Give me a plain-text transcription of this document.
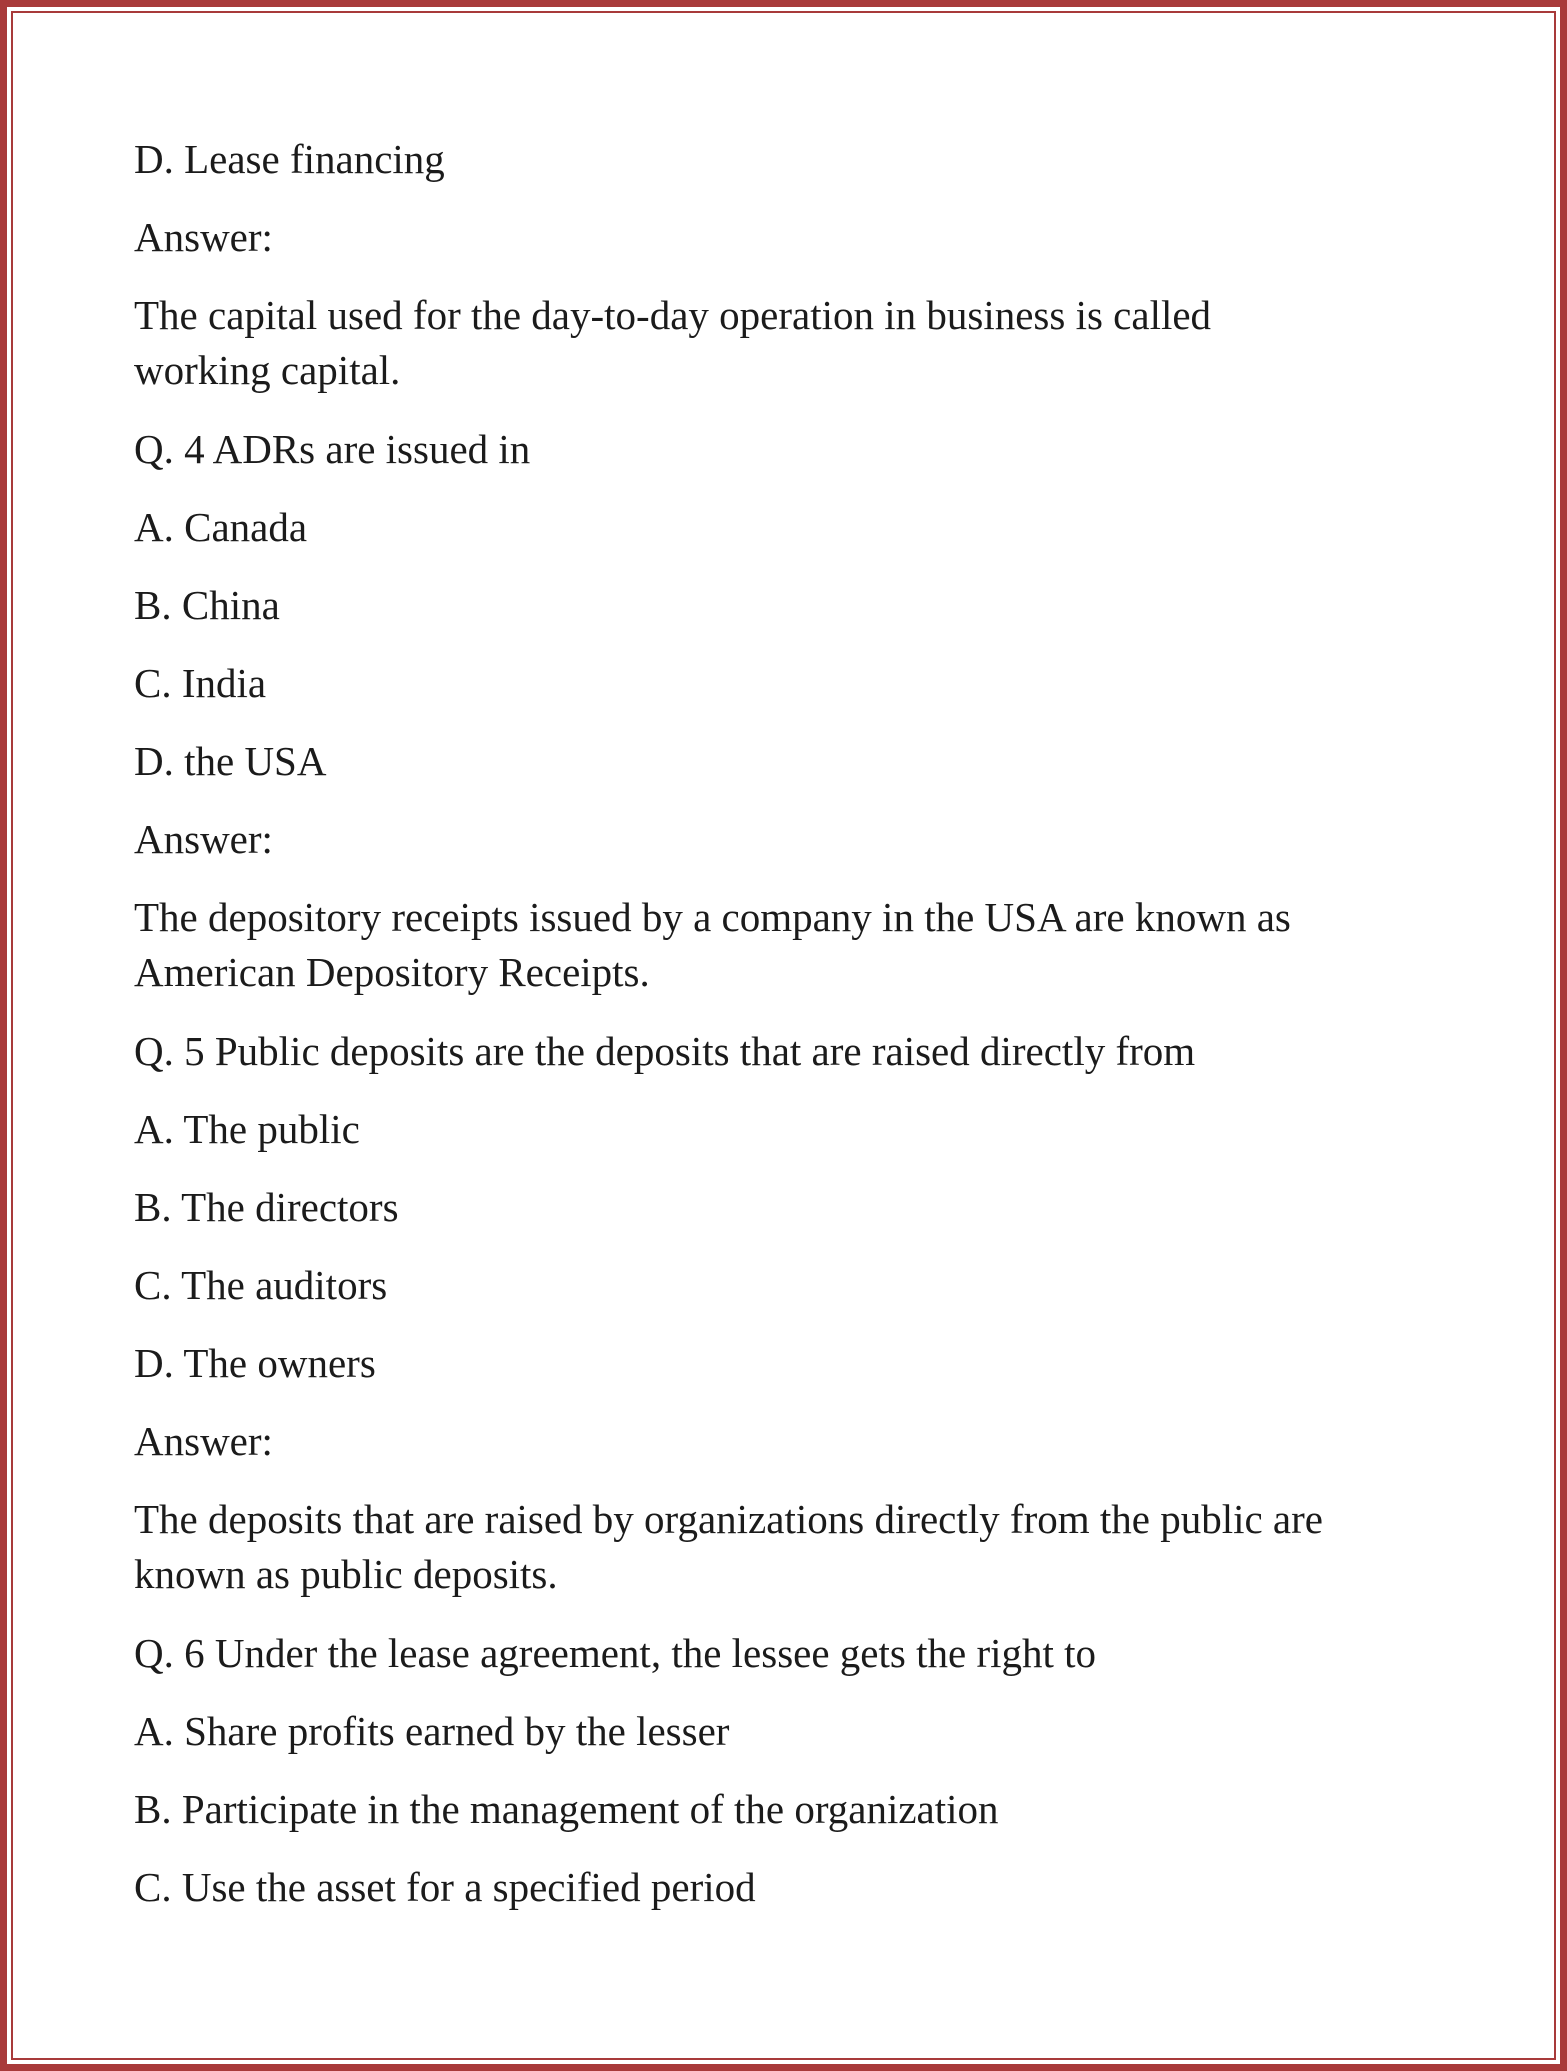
D. Lease financing

Answer:

The capital used for the day-to-day operation in business is called
working capital.

Q. 4 ADRs are issued in

A. Canada

B. China

C. India

D. the USA

Answer:

The depository receipts issued by a company in the USA are known as
American Depository Receipts.

Q. 5 Public deposits are the deposits that are raised directly from

A. The public

B. The directors

C. The auditors

D. The owners

Answer:

The deposits that are raised by organizations directly from the public are
known as public deposits.

Q. 6 Under the lease agreement, the lessee gets the right to

A. Share profits earned by the lesser

B. Participate in the management of the organization

C. Use the asset for a specified period
